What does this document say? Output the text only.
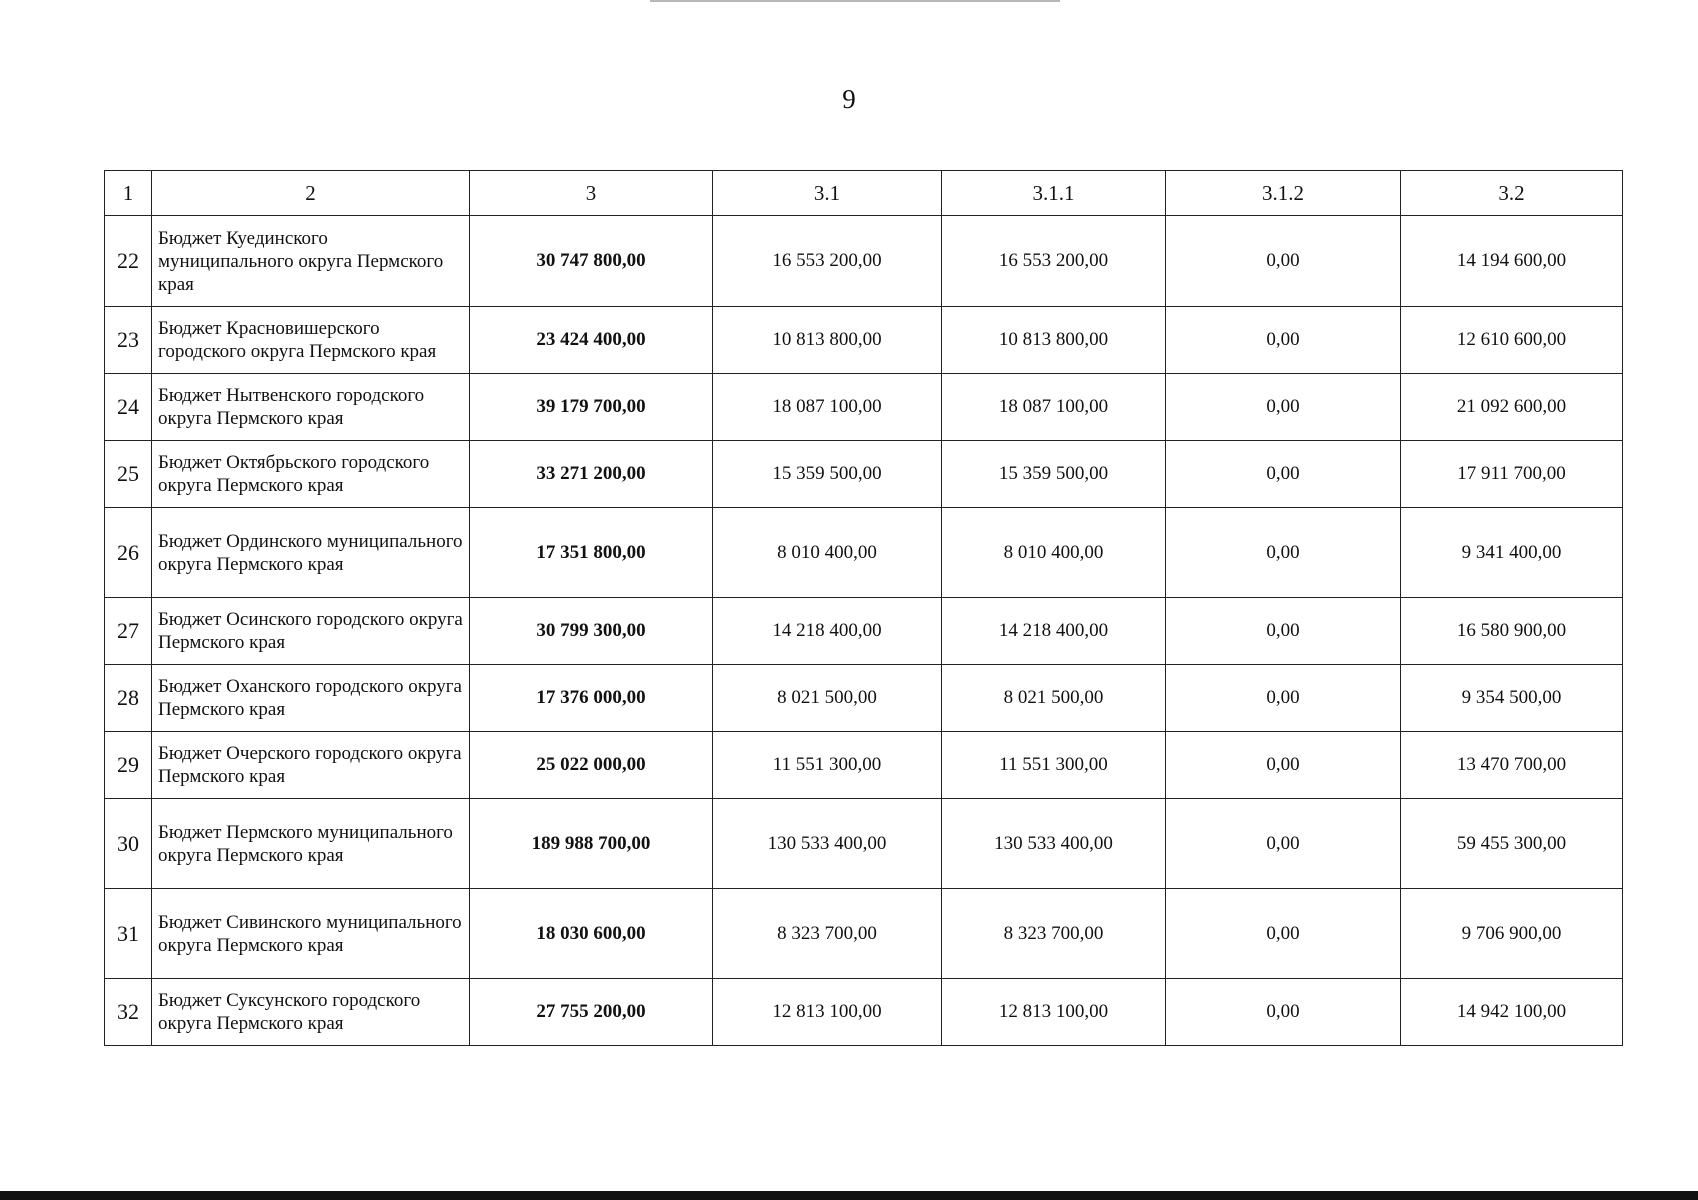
9
1	2	3	3.1	3.1.1	3.1.2	3.2
22	Бюджет Куединского муниципального округа Пермского края	30 747 800,00	16 553 200,00	16 553 200,00	0,00	14 194 600,00
23	Бюджет Красновишерского городского округа Пермского края	23 424 400,00	10 813 800,00	10 813 800,00	0,00	12 610 600,00
24	Бюджет Нытвенского городского округа Пермского края	39 179 700,00	18 087 100,00	18 087 100,00	0,00	21 092 600,00
25	Бюджет Октябрьского городского округа Пермского края	33 271 200,00	15 359 500,00	15 359 500,00	0,00	17 911 700,00
26	Бюджет Ординского муниципального округа Пермского края	17 351 800,00	8 010 400,00	8 010 400,00	0,00	9 341 400,00
27	Бюджет Осинского городского округа Пермского края	30 799 300,00	14 218 400,00	14 218 400,00	0,00	16 580 900,00
28	Бюджет Оханского городского округа Пермского края	17 376 000,00	8 021 500,00	8 021 500,00	0,00	9 354 500,00
29	Бюджет Очерского городского округа Пермского края	25 022 000,00	11 551 300,00	11 551 300,00	0,00	13 470 700,00
30	Бюджет Пермского муниципального округа Пермского края	189 988 700,00	130 533 400,00	130 533 400,00	0,00	59 455 300,00
31	Бюджет Сивинского муниципального округа Пермского края	18 030 600,00	8 323 700,00	8 323 700,00	0,00	9 706 900,00
32	Бюджет Суксунского городского округа Пермского края	27 755 200,00	12 813 100,00	12 813 100,00	0,00	14 942 100,00
